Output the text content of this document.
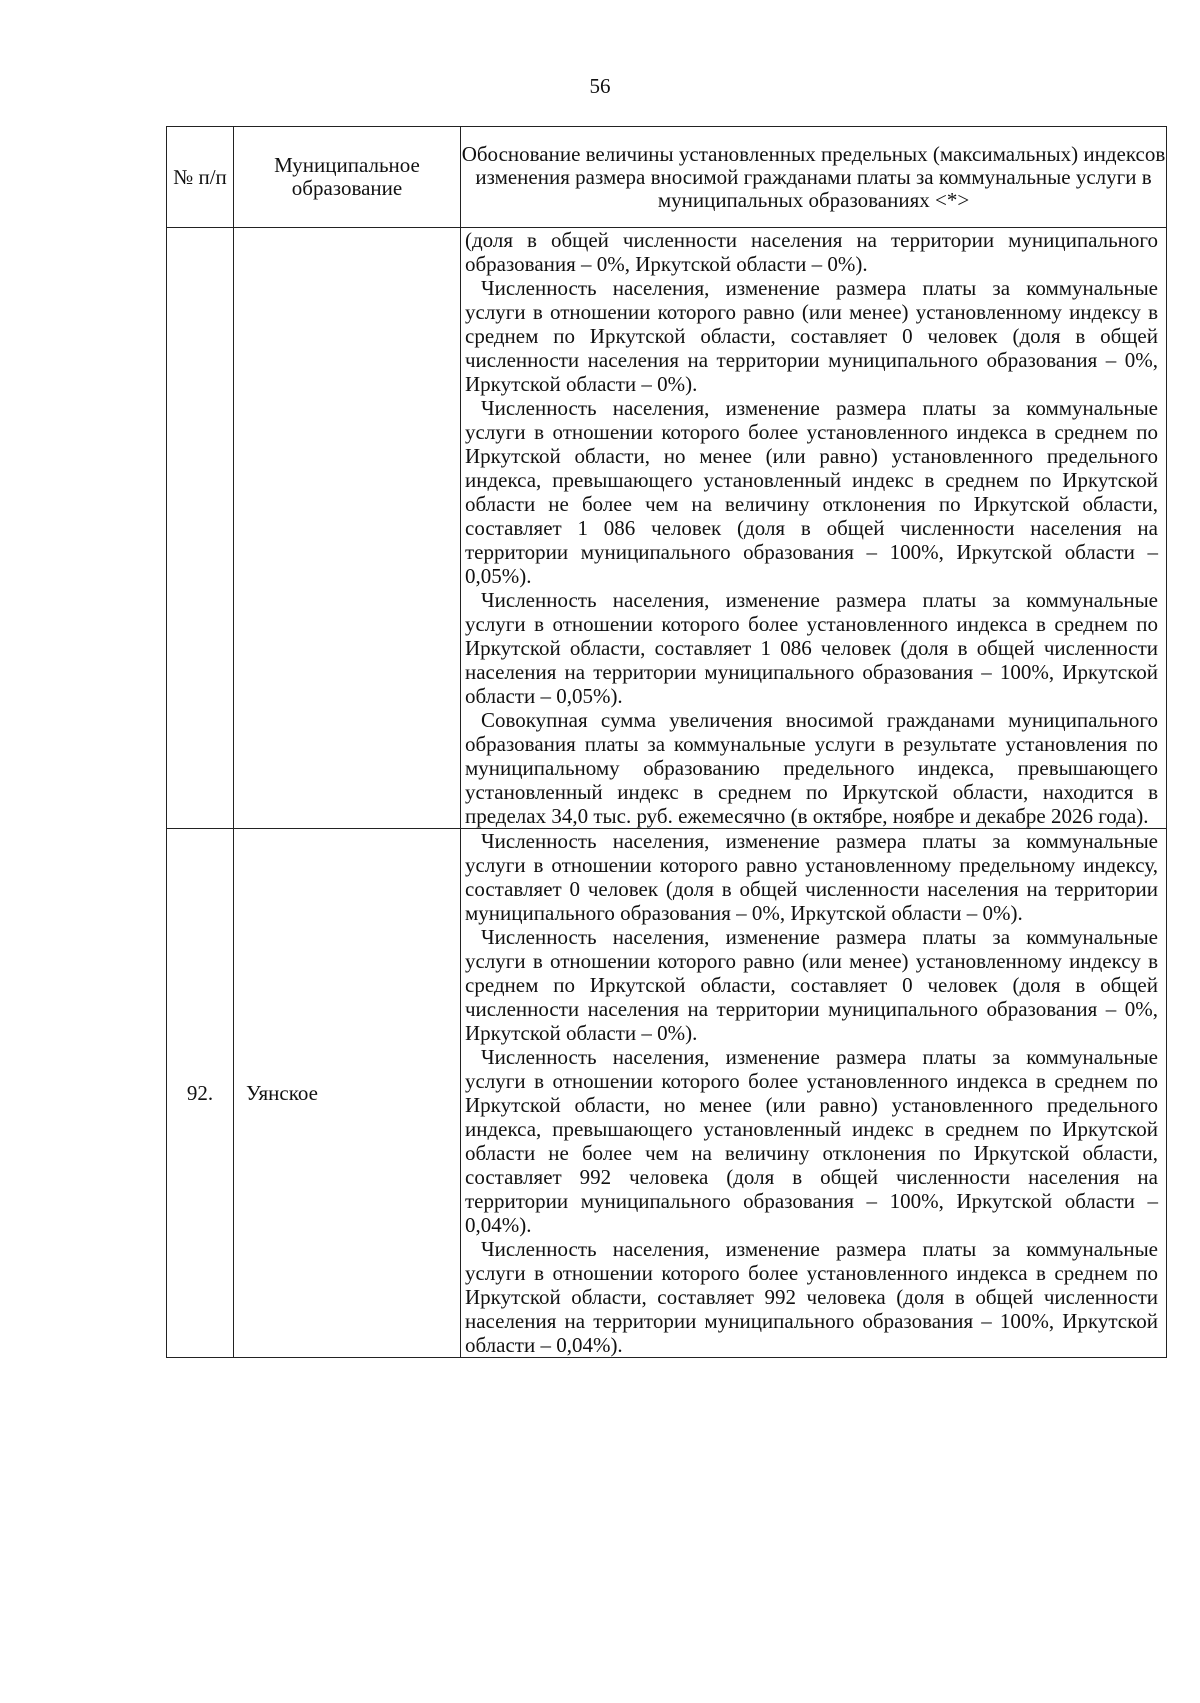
56
№ п/п	Муниципальное образование	Обоснование величины установленных предельных (максимальных) индексов изменения размера вносимой гражданами платы за коммунальные услуги в муниципальных образованиях <*>

		(доля в общей численности населения на территории муниципального образования – 0%, Иркутской области – 0%).

Численность населения, изменение размера платы за коммунальные услуги в отношении которого равно (или менее) установленному индексу в среднем по Иркутской области, составляет 0 человек (доля в общей численности населения на территории муниципального образования – 0%, Иркутской области – 0%).

Численность населения, изменение размера платы за коммунальные услуги в отношении которого более установленного индекса в среднем по Иркутской области, но менее (или равно) установленного предельного индекса, превышающего установленный индекс в среднем по Иркутской области не более чем на величину отклонения по Иркутской области, составляет 1 086 человек (доля в общей численности населения на территории муниципального образования – 100%, Иркутской области – 0,05%).

Численность населения, изменение размера платы за коммунальные услуги в отношении которого более установленного индекса в среднем по Иркутской области, составляет 1 086 человек (доля в общей численности населения на территории муниципального образования – 100%, Иркутской области – 0,05%).

Совокупная сумма увеличения вносимой гражданами муниципального образования платы за коммунальные услуги в результате установления по муниципальному образованию предельного индекса, превышающего установленный индекс в среднем по Иркутской области, находится в пределах 34,0 тыс. руб. ежемесячно (в октябре, ноябре и декабре 2026 года).

92.	Уянское	Численность населения, изменение размера платы за коммунальные услуги в отношении которого равно установленному предельному индексу, составляет 0 человек (доля в общей численности населения на территории муниципального образования – 0%, Иркутской области – 0%).

Численность населения, изменение размера платы за коммунальные услуги в отношении которого равно (или менее) установленному индексу в среднем по Иркутской области, составляет 0 человек (доля в общей численности населения на территории муниципального образования – 0%, Иркутской области – 0%).

Численность населения, изменение размера платы за коммунальные услуги в отношении которого более установленного индекса в среднем по Иркутской области, но менее (или равно) установленного предельного индекса, превышающего установленный индекс в среднем по Иркутской области не более чем на величину отклонения по Иркутской области, составляет 992 человека (доля в общей численности населения на территории муниципального образования – 100%, Иркутской области – 0,04%).

Численность населения, изменение размера платы за коммунальные услуги в отношении которого более установленного индекса в среднем по Иркутской области, составляет 992 человека (доля в общей численности населения на территории муниципального образования – 100%, Иркутской области – 0,04%).
